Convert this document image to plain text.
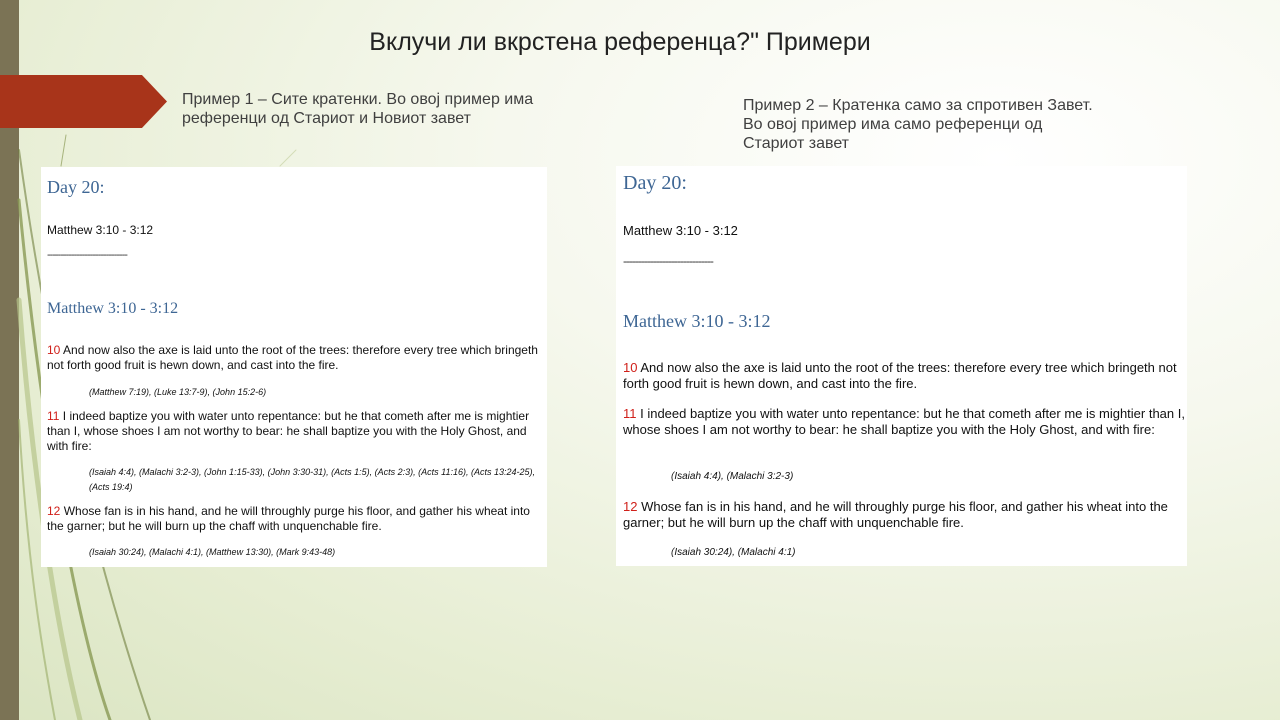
Вклучи ли вкрстена референца?" Примери
Пример 1 – Сите кратенки. Во овој пример има референци од Стариот и Новиот завет
Пример 2 – Кратенка само за спротивен Завет. Во овој пример има само референци од Стариот завет
Day 20:
Matthew 3:10 - 3:12
------------------------------
Matthew 3:10 - 3:12

10 And now also the axe is laid unto the root of the trees: therefore every tree which bringeth not forth good fruit is hewn down, and cast into the fire.

(Matthew 7:19), (Luke 13:7-9), (John 15:2-6)

11 I indeed baptize you with water unto repentance: but he that cometh after me is mightier than I, whose shoes I am not worthy to bear: he shall baptize you with the Holy Ghost, and with fire:

(Isaiah 4:4), (Malachi 3:2-3), (John 1:15-33), (John 3:30-31), (Acts 1:5), (Acts 2:3), (Acts 11:16), (Acts 13:24-25), (Acts 19:4)

12 Whose fan is in his hand, and he will throughly purge his floor, and gather his wheat into the garner; but he will burn up the chaff with unquenchable fire.

(Isaiah 30:24), (Malachi 4:1), (Matthew 13:30), (Mark 9:43-48)

Day 20:
Matthew 3:10 - 3:12
------------------------------
Matthew 3:10 - 3:12

10 And now also the axe is laid unto the root of the trees: therefore every tree which bringeth not forth good fruit is hewn down, and cast into the fire.

11 I indeed baptize you with water unto repentance: but he that cometh after me is mightier than I, whose shoes I am not worthy to bear: he shall baptize you with the Holy Ghost, and with fire:

(Isaiah 4:4), (Malachi 3:2-3)

12 Whose fan is in his hand, and he will throughly purge his floor, and gather his wheat into the garner; but he will burn up the chaff with unquenchable fire.

(Isaiah 30:24), (Malachi 4:1)
